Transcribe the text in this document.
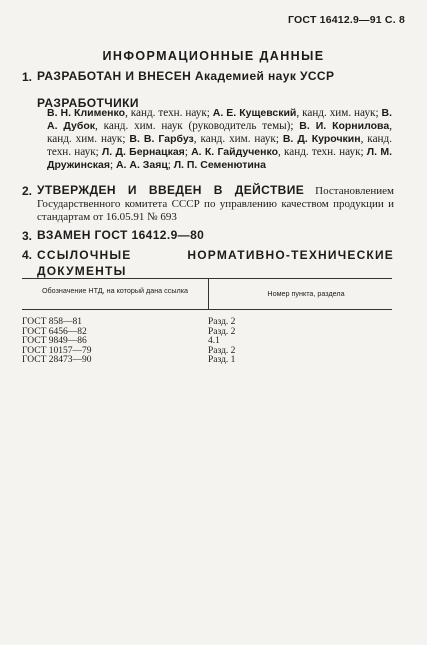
ГОСТ 16412.9—91 С. 8
ИНФОРМАЦИОННЫЕ ДАННЫЕ
1. РАЗРАБОТАН И ВНЕСЕН Академией наук УССР
РАЗРАБОТЧИКИ
В. Н. Клименко, канд. техн. наук; А. Е. Кущевский, канд. хим. наук; В. А. Дубок, канд. хим. наук (руководитель темы); В. И. Корнилова, канд. хим. наук; В. В. Гарбуз, канд. хим. наук; В. Д. Курочкин, канд. техн. наук; Л. Д. Бернацкая; А. К. Гайдученко, канд. техн. наук; Л. М. Дружинская; А. А. Заяц; Л. П. Семенютина
2. УТВЕРЖДЕН И ВВЕДЕН В ДЕЙСТВИЕ Постановлением Государственного комитета СССР по управлению качеством продукции и стандартам от 16.05.91 № 693
3. ВЗАМЕН ГОСТ 16412.9—80
4. ССЫЛОЧНЫЕ НОРМАТИВНО-ТЕХНИЧЕСКИЕ ДОКУМЕНТЫ
Обозначение НТД, на который дана ссылка	Номер пункта, раздела
ГОСТ 858—81	Разд. 2
ГОСТ 6456—82	Разд. 2
ГОСТ 9849—86	4.1
ГОСТ 10157—79	Разд. 2
ГОСТ 28473—90	Разд. 1
